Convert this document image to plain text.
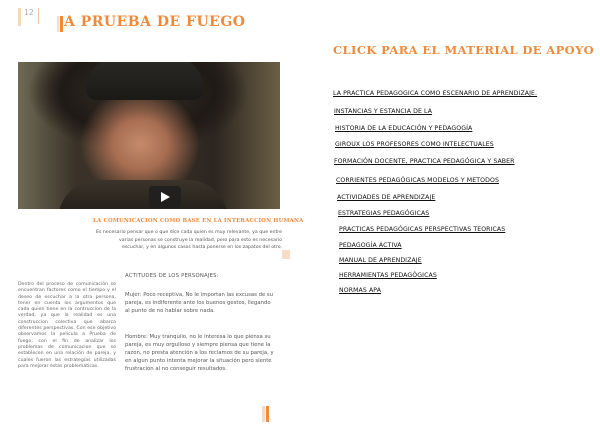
12
A PRUEBA DE FUEGO
CLICK PARA EL MATERIAL DE APOYO
LA COMUNICACION COMO BASE EN LA INTERACCION HUMANA
Es necesario pensar que o que dice cada quien es muy relevante, ya que entre varias personas se construye la realidad, pero para esto es necesario escuchar, y en algunos casos hasta ponerse en los zapatos del otro.
Dentro del proceso de comunicación se encuentran factores como el tiempo y el deseo de escuchar a la otra persona, tener en cuenta los argumentos que cada quien tiene en la contruccion de la verdad, ya que la realidad es una construccion colectiva que abarca diferentes perspectivas. Con ese objetivo observamos la pelicula a Prueba de fuego, con el fin de analizar los problemas de comunicacion que se establecen en una relación de pareja, y cuales fueron las estrategias utilizadas para mejorar estas problemáticas.
ACTITUDES DE LOS PERSONAJES:
Mujer: Poco receptiva, No le importan las excusas de su pareja, es indiferente ante los buenos gestos, llegando al punto de no hablar sobre nada.
Hombre: Muy tranquilo, no le interesa lo que piensa su pareja, es muy orgulloso y siempre piensa que tiene la razon, no presta atención a los reclamos de su pareja, y en algun punto intenta mejorar la situación pero siente frustración al no conseguir resultados.
LA PRACTICA PEDAGOGICA COMO ESCENARIO DE APRENDIZAJE.
INSTANCIAS Y ESTANCIA DE LA
HISTORIA DE LA EDUCACIÓN Y PEDAGOGÍA
GIROUX LOS PROFESORES COMO INTELECTUALES
FORMACIÓN DOCENTE, PRACTICA PEDAGÓGICA Y SABER
CORRIENTES PEDAGÓGICAS MODELOS Y METODOS
ACTIVIDADES DE APRENDIZAJE
ESTRATEGIAS PEDAGÓGICAS
PRACTICAS PEDAGÓGICAS PERSPECTIVAS TEORICAS
PEDAGOGÍA ACTIVA
MANUAL DE APRENDIZAJE
HERRAMIENTAS PEDAGÓGICAS
NORMAS APA
